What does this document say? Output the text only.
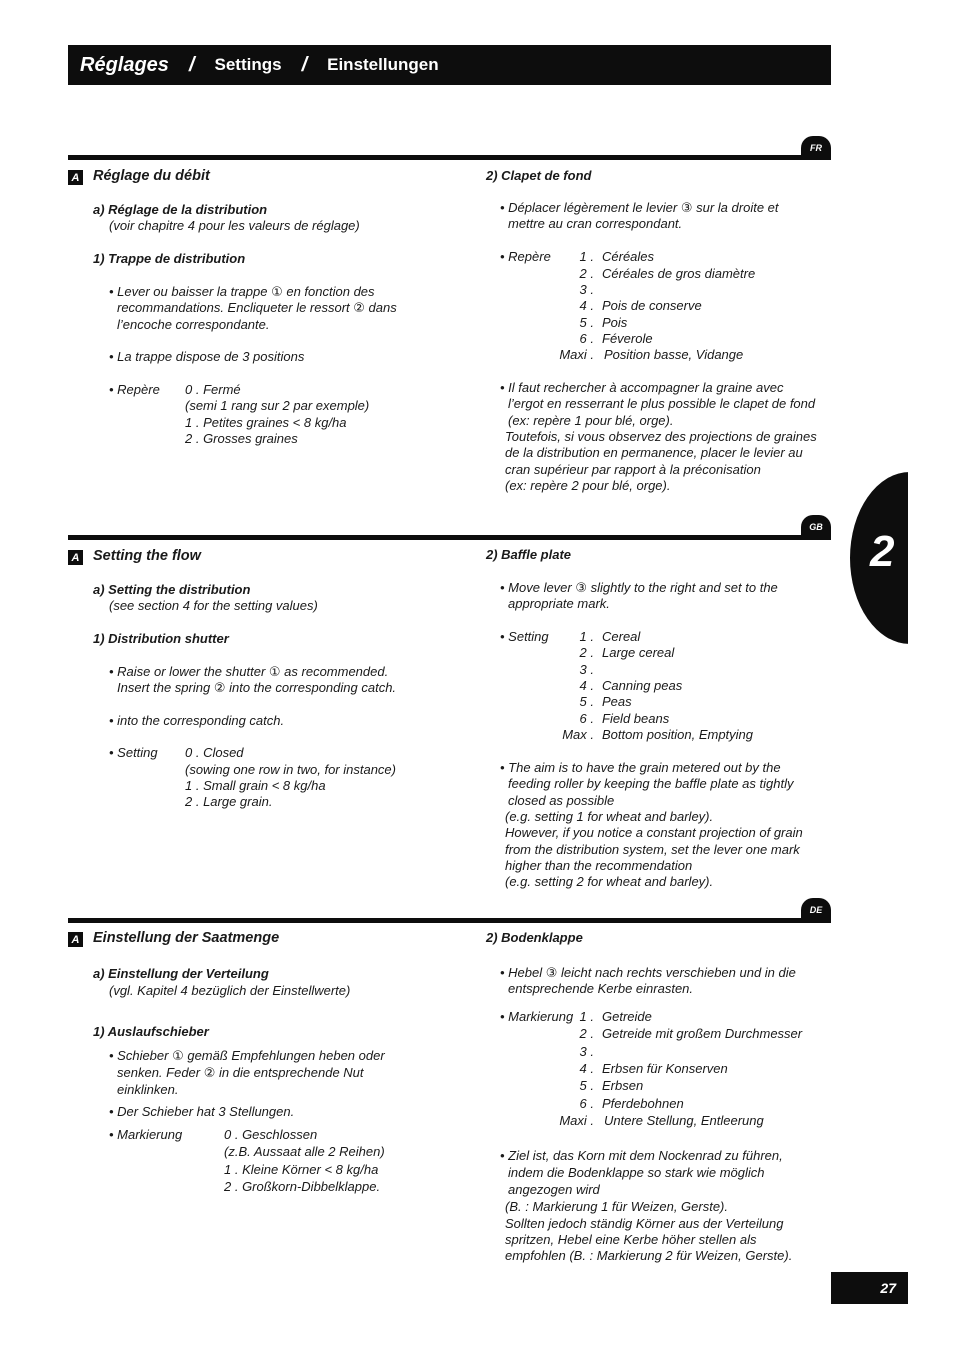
Réglages / Settings / Einstellungen
2
FR
A Réglage du débit
a) Réglage de la distribution
(voir chapitre 4 pour les valeurs de réglage)
1) Trappe de distribution
• Lever ou baisser la trappe ① en fonction des
recommandations. Encliqueter le ressort ② dans
l’encoche correspondante.
• La trappe dispose de 3 positions
• Repère 0 . Fermé
(semi 1 rang sur 2 par exemple)
1 . Petites graines < 8 kg/ha
2 . Grosses graines
2) Clapet de fond
• Déplacer légèrement le levier ③ sur la droite et
mettre au cran correspondant.
• Repère	1 . Céréales
2 . Céréales de gros diamètre
3 .
4 . Pois de conserve
5 . Pois
6 . Féverole
Maxi . Position basse, Vidange
• Il faut rechercher à accompagner la graine avec
l’ergot en resserrant le plus possible le clapet de fond
(ex: repère 1 pour blé, orge).
Toutefois, si vous observez des projections de graines
de la distribution en permanence, placer le levier au
cran supérieur par rapport à la préconisation
(ex: repère 2 pour blé, orge).
GB
A Setting the flow
a) Setting the distribution
(see section 4 for the setting values)
1) Distribution shutter
• Raise or lower the shutter ① as recommended.
Insert the spring ② into the corresponding catch.
• into the corresponding catch.
• Setting 0 . Closed
(sowing one row in two, for instance)
1 . Small grain < 8 kg/ha
2 . Large grain.
2) Baffle plate
• Move lever ③ slightly to the right and set to the
appropriate mark.
• Setting	1 . Cereal
2 . Large cereal
3 .
4 . Canning peas
5 . Peas
6 . Field beans
Max . Bottom position, Emptying
• The aim is to have the grain metered out by the
feeding roller by keeping the baffle plate as tightly
closed as possible
(e.g. setting 1 for wheat and barley).
However, if you notice a constant projection of grain
from the distribution system, set the lever one mark
higher than the recommendation
(e.g. setting 2 for wheat and barley).
DE
A Einstellung der Saatmenge
a) Einstellung der Verteilung
(vgl. Kapitel 4 bezüglich der Einstellwerte)
1) Auslaufschieber
• Schieber ① gemäß Empfehlungen heben oder
senken. Feder ② in die entsprechende Nut
einklinken.
• Der Schieber hat 3 Stellungen.
• Markierung	0 . Geschlossen
(z.B. Aussaat alle 2 Reihen)
1 . Kleine Körner < 8 kg/ha
2 . Großkorn-Dibbelklappe.
2) Bodenklappe
• Hebel ③ leicht nach rechts verschieben und in die
entsprechende Kerbe einrasten.
• Markierung 1 . Getreide
2 . Getreide mit großem Durchmesser
3 .
4 . Erbsen für Konserven
5 . Erbsen
6 . Pferdebohnen
Maxi . Untere Stellung, Entleerung
• Ziel ist, das Korn mit dem Nockenrad zu führen,
indem die Bodenklappe so stark wie möglich
angezogen wird
(B. : Markierung 1 für Weizen, Gerste).
Sollten jedoch ständig Körner aus der Verteilung
spritzen, Hebel eine Kerbe höher stellen als
empfohlen (B. : Markierung 2 für Weizen, Gerste).
27
